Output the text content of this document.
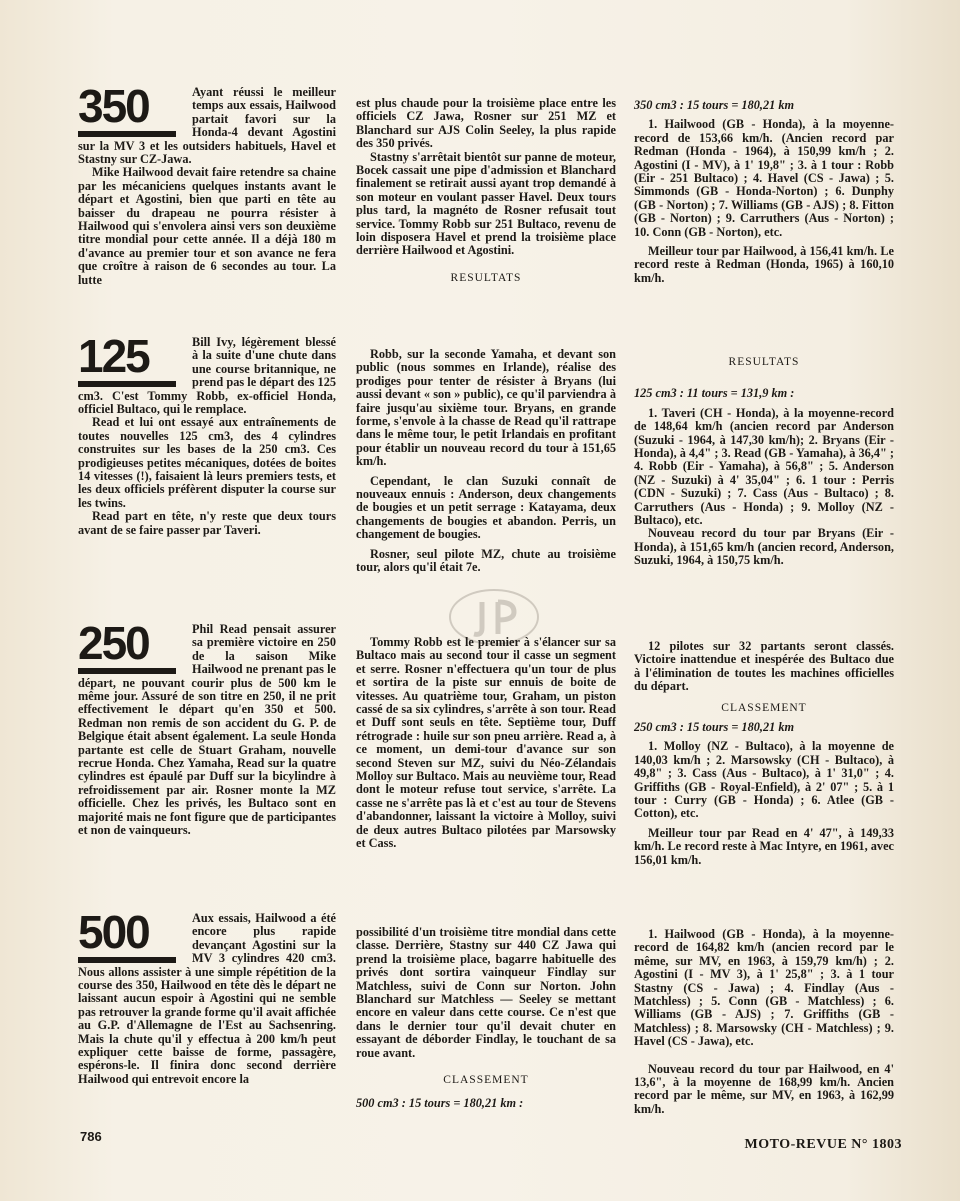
350	Ayant réussi le meilleur temps aux essais, Hailwood partait favori sur la Honda-4 devant Agostini sur la MV 3 et les outsiders habituels, Havel et Stastny sur CZ-Jawa.

Mike Hailwood devait faire retendre sa chaine par les mécaniciens quelques instants avant le départ et Agostini, bien que parti en tête au baisser du drapeau ne pourra résister à Hailwood qui s'envolera ainsi vers son deuxième titre mondial pour cette année. Il a déjà 180 m d'avance au premier tour et son avance ne fera que croître à raison de 6 secondes au tour. La lutte

est plus chaude pour la troisième place entre les officiels CZ Jawa, Rosner sur 251 MZ et Blanchard sur AJS Colin Seeley, la plus rapide des 350 privés.

Stastny s'arrêtait bientôt sur panne de moteur, Bocek cassait une pipe d'admission et Blanchard finalement se retirait aussi ayant trop demandé à son moteur en voulant passer Havel. Deux tours plus tard, la magnéto de Rosner refusait tout service. Tommy Robb sur 251 Bultaco, revenu de loin disposera Havel et prend la troisième place derrière Hailwood et Agostini.

RESULTATS

350 cm3 : 15 tours = 180,21 km

1. Hailwood (GB - Honda), à la moyenne-record de 153,66 km/h. (Ancien record par Redman (Honda - 1964), à 150,99 km/h ; 2. Agostini (I - MV), à 1' 19,8" ; 3. à 1 tour : Robb (Eir - 251 Bultaco) ; 4. Havel (CS - Jawa) ; 5. Simmonds (GB - Honda-Norton) ; 6. Dunphy (GB - Norton) ; 7. Williams (GB - AJS) ; 8. Fitton (GB - Norton) ; 9. Carruthers (Aus - Norton) ; 10. Conn (GB - Norton), etc.

Meilleur tour par Hailwood, à 156,41 km/h. Le record reste à Redman (Honda, 1965) à 160,10 km/h.

125	Bill Ivy, légèrement blessé à la suite d'une chute dans une course britannique, ne prend pas le départ des 125 cm3. C'est Tommy Robb, ex-officiel Honda, officiel Bultaco, qui le remplace.

Read et lui ont essayé aux entraînements de toutes nouvelles 125 cm3, des 4 cylindres construites sur les bases de la 250 cm3. Ces prodigieuses petites mécaniques, dotées de boites 14 vitesses (!), faisaient là leurs premiers tests, et les deux officiels préfèrent disputer la course sur les twins.

Read part en tête, n'y reste que deux tours avant de se faire passer par Taveri.

Robb, sur la seconde Yamaha, et devant son public (nous sommes en Irlande), réalise des prodiges pour tenter de résister à Bryans (lui aussi devant « son » public), ce qu'il parviendra à faire jusqu'au sixième tour. Bryans, en grande forme, s'envole à la chasse de Read qu'il rattrape dans le même tour, le petit Irlandais en profitant pour établir un nouveau record du tour à 151,65 km/h.

Cependant, le clan Suzuki connaît de nouveaux ennuis : Anderson, deux changements de bougies et un petit serrage : Katayama, deux changements de bougies et abandon. Perris, un changement de bougies.

Rosner, seul pilote MZ, chute au troisième tour, alors qu'il était 7e.

RESULTATS

125 cm3 : 11 tours = 131,9 km :

1. Taveri (CH - Honda), à la moyenne-record de 148,64 km/h (ancien record par Anderson (Suzuki - 1964, à 147,30 km/h); 2. Bryans (Eir - Honda), à 4,4" ; 3. Read (GB - Yamaha), à 36,4" ; 4. Robb (Eir - Yamaha), à 56,8" ; 5. Anderson (NZ - Suzuki) à 4' 35,04" ; 6. 1 tour : Perris (CDN - Suzuki) ; 7. Cass (Aus - Bultaco) ; 8. Carruthers (Aus - Honda) ; 9. Molloy (NZ - Bultaco), etc.

Nouveau record du tour par Bryans (Eir - Honda), à 151,65 km/h (ancien record, Anderson, Suzuki, 1964, à 150,75 km/h.

250	Phil Read pensait assurer sa première victoire en 250 de la saison Mike Hailwood ne prenant pas le départ, ne pouvant courir plus de 500 km le même jour. Assuré de son titre en 250, il ne prit effectivement le départ qu'en 350 et 500. Redman non remis de son accident du G. P. de Belgique était absent également. La seule Honda partante est celle de Stuart Graham, nouvelle recrue Honda. Chez Yamaha, Read sur la quatre cylindres est épaulé par Duff sur la bicylindre à refroidissement par air. Rosner monte la MZ officielle. Chez les privés, les Bultaco sont en majorité mais ne font figure que de participantes et non de vainqueurs.

Tommy Robb est le premier à s'élancer sur sa Bultaco mais au second tour il casse un segment et serre. Rosner n'effectuera qu'un tour de plus et sortira de la piste sur ennuis de boite de vitesses. Au quatrième tour, Graham, un piston cassé de sa six cylindres, s'arrête à son tour. Read et Duff sont seuls en tête. Septième tour, Duff rétrograde : huile sur son pneu arrière. Read a, à ce moment, un demi-tour d'avance sur son second Steven sur MZ, suivi du Néo-Zélandais Molloy sur Bultaco. Mais au neuvième tour, Read dont le moteur refuse tout service, s'arrête. La casse ne s'arrête pas là et c'est au tour de Stevens d'abandonner, laissant la victoire à Molloy, suivi de deux autres Bultaco pilotées par Marsowsky et Cass.

12 pilotes sur 32 partants seront classés. Victoire inattendue et inespérée des Bultaco due à l'élimination de toutes les machines officielles du départ.

CLASSEMENT

250 cm3 : 15 tours = 180,21 km

1. Molloy (NZ - Bultaco), à la moyenne de 140,03 km/h ; 2. Marsowsky (CH - Bultaco), à 49,8" ; 3. Cass (Aus - Bultaco), à 1' 31,0" ; 4. Griffiths (GB - Royal-Enfield), à 2' 07" ; 5. à 1 tour : Curry (GB - Honda) ; 6. Atlee (GB - Cotton), etc.

Meilleur tour par Read en 4' 47", à 149,33 km/h. Le record reste à Mac Intyre, en 1961, avec 156,01 km/h.

500	Aux essais, Hailwood a été encore plus rapide devançant Agostini sur la MV 3 cylindres 420 cm3. Nous allons assister à une simple répétition de la course des 350, Hailwood en tête dès le départ ne laissant aucun espoir à Agostini qui ne semble pas retrouver la grande forme qu'il avait affichée au G.P. d'Allemagne de l'Est au Sachsenring. Mais la chute qu'il y effectua à 200 km/h peut expliquer cette baisse de forme, passagère, espérons-le. Il finira donc second derrière Hailwood qui entrevoit encore la

possibilité d'un troisième titre mondial dans cette classe. Derrière, Stastny sur 440 CZ Jawa qui prend la troisième place, bagarre habituelle des privés dont sortira vainqueur Findlay sur Matchless, suivi de Conn sur Norton. John Blanchard sur Matchless — Seeley se mettant encore en valeur dans cette course. Ce n'est que dans le dernier tour qu'il devait chuter en essayant de déborder Findlay, le touchant de sa roue avant.

CLASSEMENT

500 cm3 : 15 tours = 180,21 km :

1. Hailwood (GB - Honda), à la moyenne-record de 164,82 km/h (ancien record par le même, sur MV, en 1963, à 159,79 km/h) ; 2. Agostini (I - MV 3), à 1' 25,8" ; 3. à 1 tour Stastny (CS - Jawa) ; 4. Findlay (Aus - Matchless) ; 5. Conn (GB - Matchless) ; 6. Williams (GB - AJS) ; 7. Griffiths (GB - Matchless) ; 8. Marsowsky (CH - Matchless) ; 9. Havel (CS - Jawa), etc.

Nouveau record du tour par Hailwood, en 4' 13,6", à la moyenne de 168,99 km/h. Ancien record par le même, sur MV, en 1963, à 162,99 km/h.

786
MOTO-REVUE N° 1803
